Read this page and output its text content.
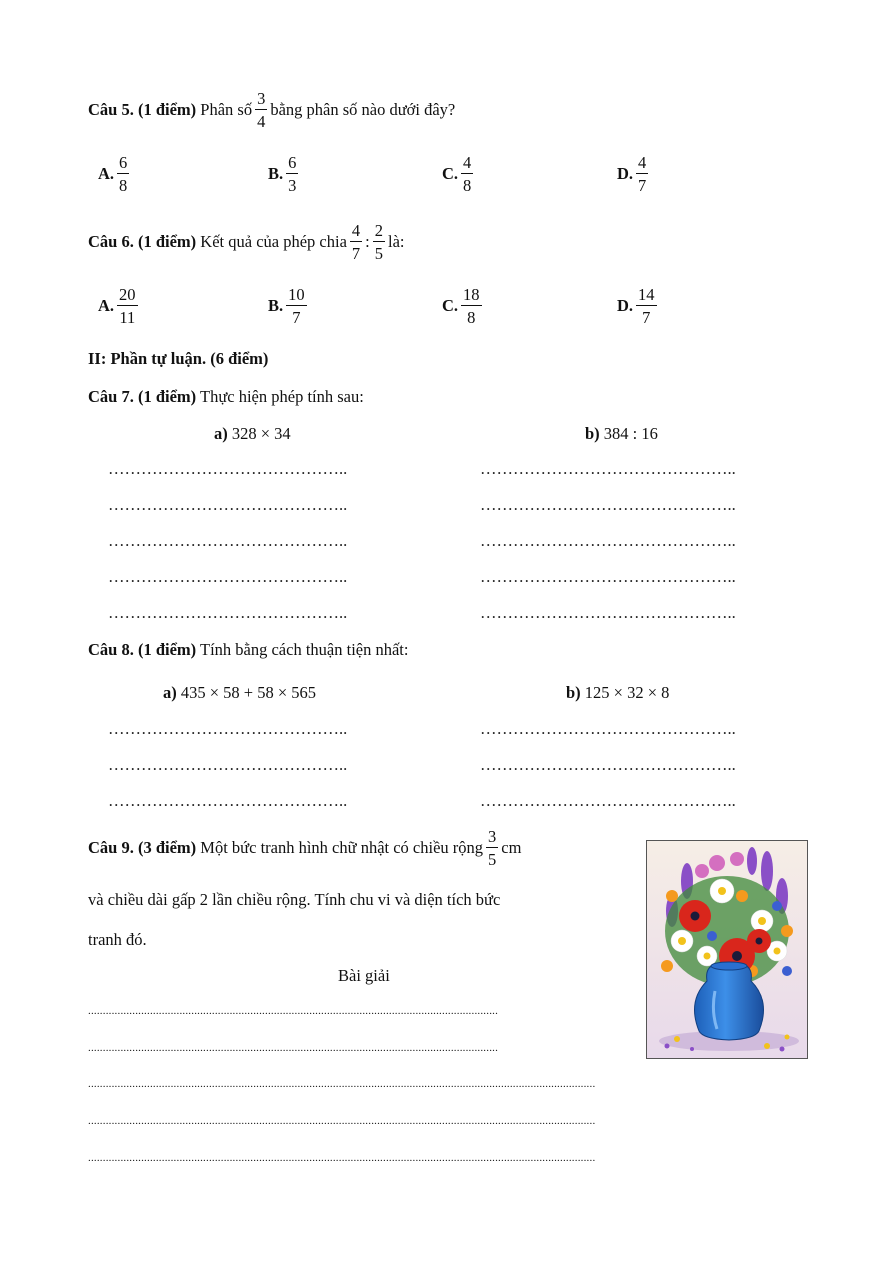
Câu 5. (1 điểm)
Phân số $\frac{3}{4}$ bằng phân số nào dưới đây?
A. $\frac{6}{8}$	B. $\frac{6}{3}$	C. $\frac{4}{8}$	D. $\frac{4}{7}$
Câu 6. (1 điểm)
Kết quả của phép chia $\frac{4}{7}$ : $\frac{2}{5}$ là:
A. $\frac{20}{11}$	B. $\frac{10}{7}$	C. $\frac{18}{8}$	D. $\frac{14}{7}$
II: Phần tự luận. (6 điểm)
Câu 7. (1 điểm) Thực hiện phép tính sau:
a) 328 × 34	b) 384 : 16
……………………………………..	………………………………………..
……………………………………..	………………………………………..
……………………………………..	………………………………………..
……………………………………..	………………………………………..
……………………………………..	………………………………………..
Câu 8. (1 điểm) Tính bằng cách thuận tiện nhất:
a) 435 × 58 + 58 × 565	b) 125 × 32 × 8
……………………………………..	………………………………………..
……………………………………..	………………………………………..
……………………………………..	………………………………………..
Câu 9. (3 điểm)
Một bức tranh hình chữ nhật có chiều rộng $\frac{3}{5}$ cm
và chiều dài gấp 2 lần chiều rộng. Tính chu vi và diện tích bức
tranh đó.
Bài giải
...........................................................................................................................................
...........................................................................................................................................
............................................................................................................................................................................
............................................................................................................................................................................
............................................................................................................................................................................
